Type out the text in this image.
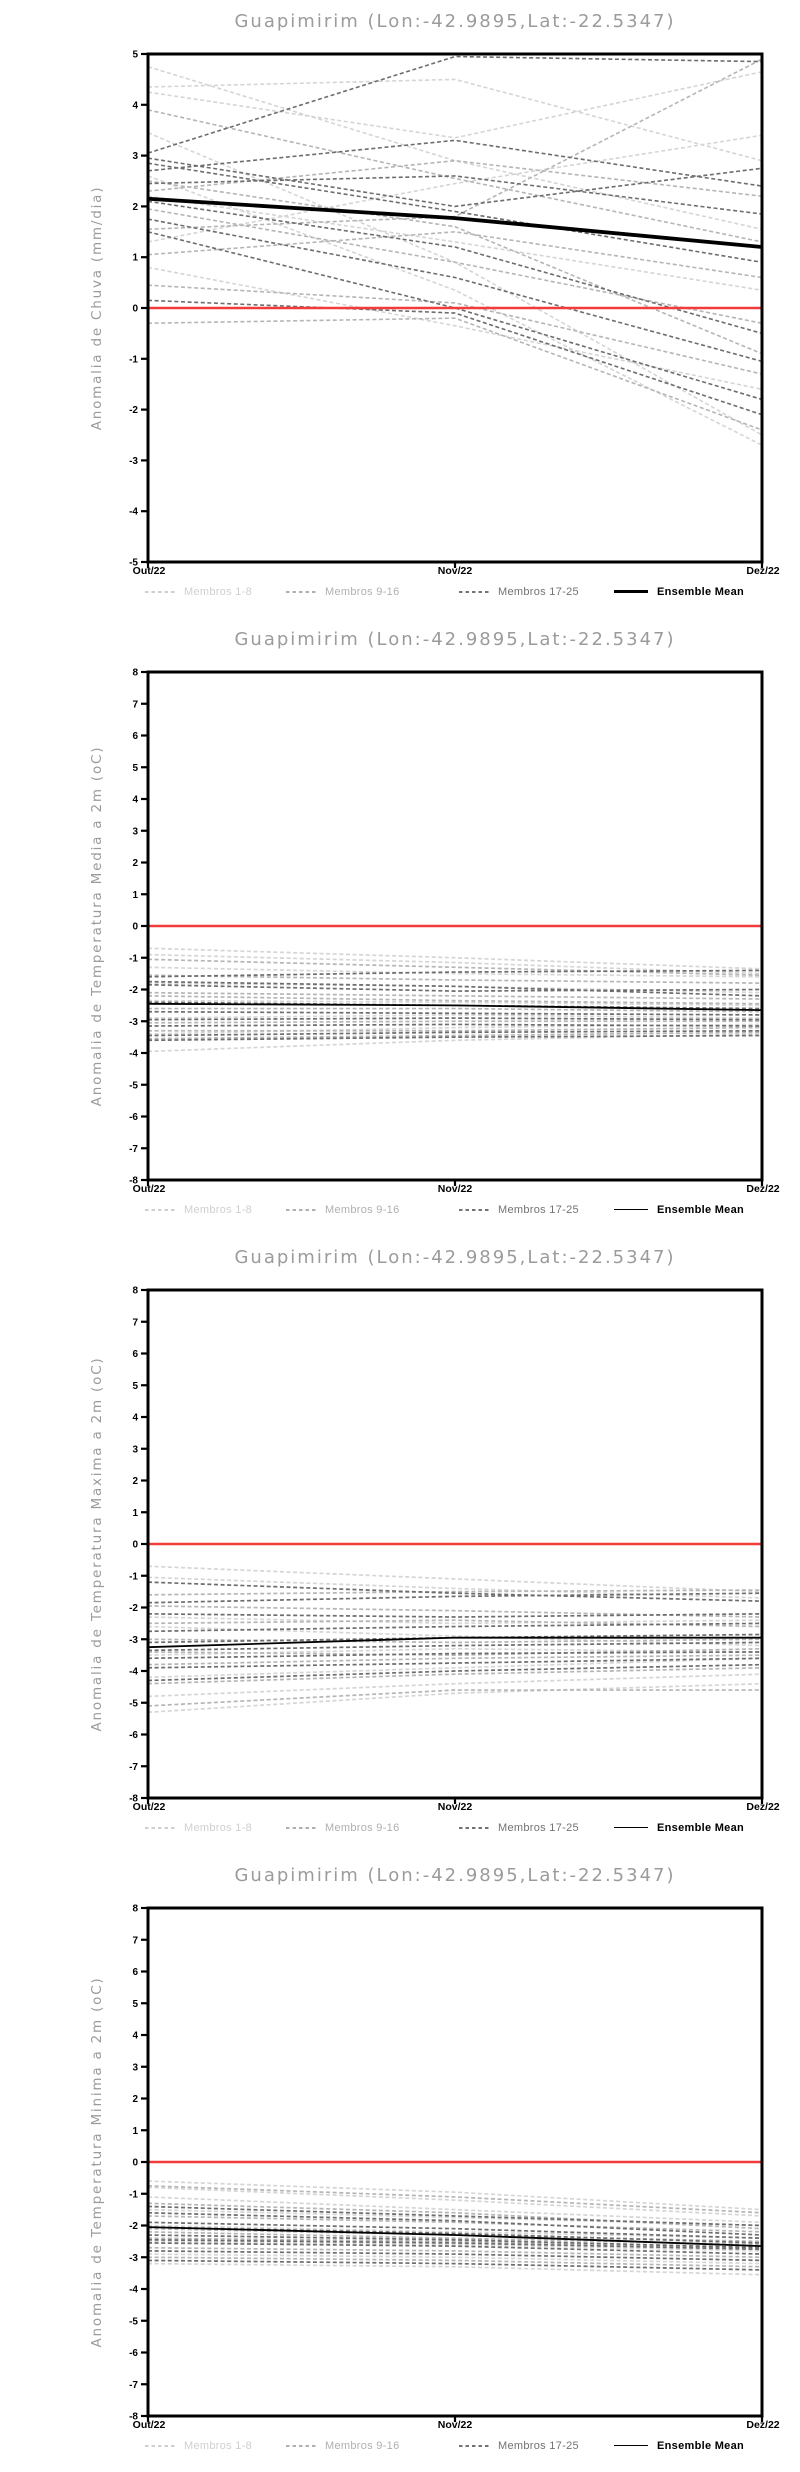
Guapimirim (Lon:-42.9895,Lat:-22.5347)
Anomalia de Chuva (mm/dia)
5
4
3
2
1
0
-1
-2
-3
-4
-5
Out/22	Nov/22	Dez/22
Membros 1-8	Membros 9-16	Membros 17-25	Ensemble Mean
Guapimirim (Lon:-42.9895,Lat:-22.5347)
Anomalia de Temperatura Media a 2m (oC)
8
7
6
5
4
3
2
1
0
-1
-2
-3
-4
-5
-6
-7
-8
Out/22	Nov/22	Dez/22
Membros 1-8	Membros 9-16	Membros 17-25	Ensemble Mean
Guapimirim (Lon:-42.9895,Lat:-22.5347)
Anomalia de Temperatura Maxima a 2m (oC)
8
7
6
5
4
3
2
1
0
-1
-2
-3
-4
-5
-6
-7
-8
Out/22	Nov/22	Dez/22
Membros 1-8	Membros 9-16	Membros 17-25	Ensemble Mean
Guapimirim (Lon:-42.9895,Lat:-22.5347)
Anomalia de Temperatura Minima a 2m (oC)
8
7
6
5
4
3
2
1
0
-1
-2
-3
-4
-5
-6
-7
-8
Out/22	Nov/22	Dez/22
Membros 1-8	Membros 9-16	Membros 17-25	Ensemble Mean
